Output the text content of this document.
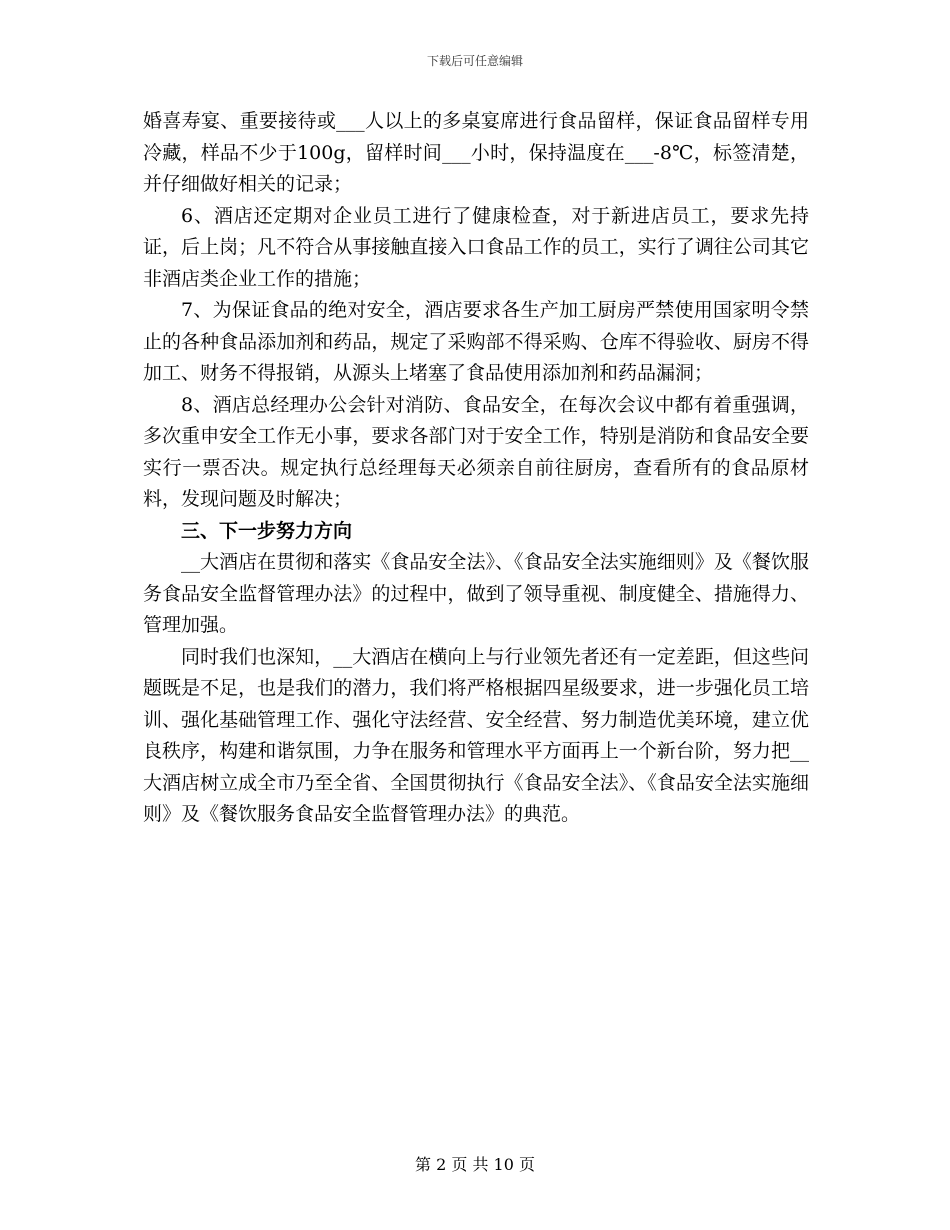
下载后可任意编辑

婚喜寿宴、重要接待或___人以上的多桌宴席进行食品留样，保证食品留样专用冷藏，样品不少于100g，留样时间___小时，保持温度在___-8℃，标签清楚，并仔细做好相关的记录；

6、酒店还定期对企业员工进行了健康检查，对于新进店员工，要求先持证，后上岗；凡不符合从事接触直接入口食品工作的员工，实行了调往公司其它非酒店类企业工作的措施；

7、为保证食品的绝对安全，酒店要求各生产加工厨房严禁使用国家明令禁止的各种食品添加剂和药品，规定了采购部不得采购、仓库不得验收、厨房不得加工、财务不得报销，从源头上堵塞了食品使用添加剂和药品漏洞；

8、酒店总经理办公会针对消防、食品安全，在每次会议中都有着重强调，多次重申安全工作无小事，要求各部门对于安全工作，特别是消防和食品安全要实行一票否决。规定执行总经理每天必须亲自前往厨房，查看所有的食品原材料，发现问题及时解决；

三、下一步努力方向

__大酒店在贯彻和落实《食品安全法》、《食品安全法实施细则》及《餐饮服务食品安全监督管理办法》的过程中，做到了领导重视、制度健全、措施得力、管理加强。

同时我们也深知，__大酒店在横向上与行业领先者还有一定差距，但这些问题既是不足，也是我们的潜力，我们将严格根据四星级要求，进一步强化员工培训、强化基础管理工作、强化守法经营、安全经营、努力制造优美环境，建立优良秩序，构建和谐氛围，力争在服务和管理水平方面再上一个新台阶，努力把__大酒店树立成全市乃至全省、全国贯彻执行《食品安全法》、《食品安全法实施细则》及《餐饮服务食品安全监督管理办法》的典范。

第 2 页 共 10 页
